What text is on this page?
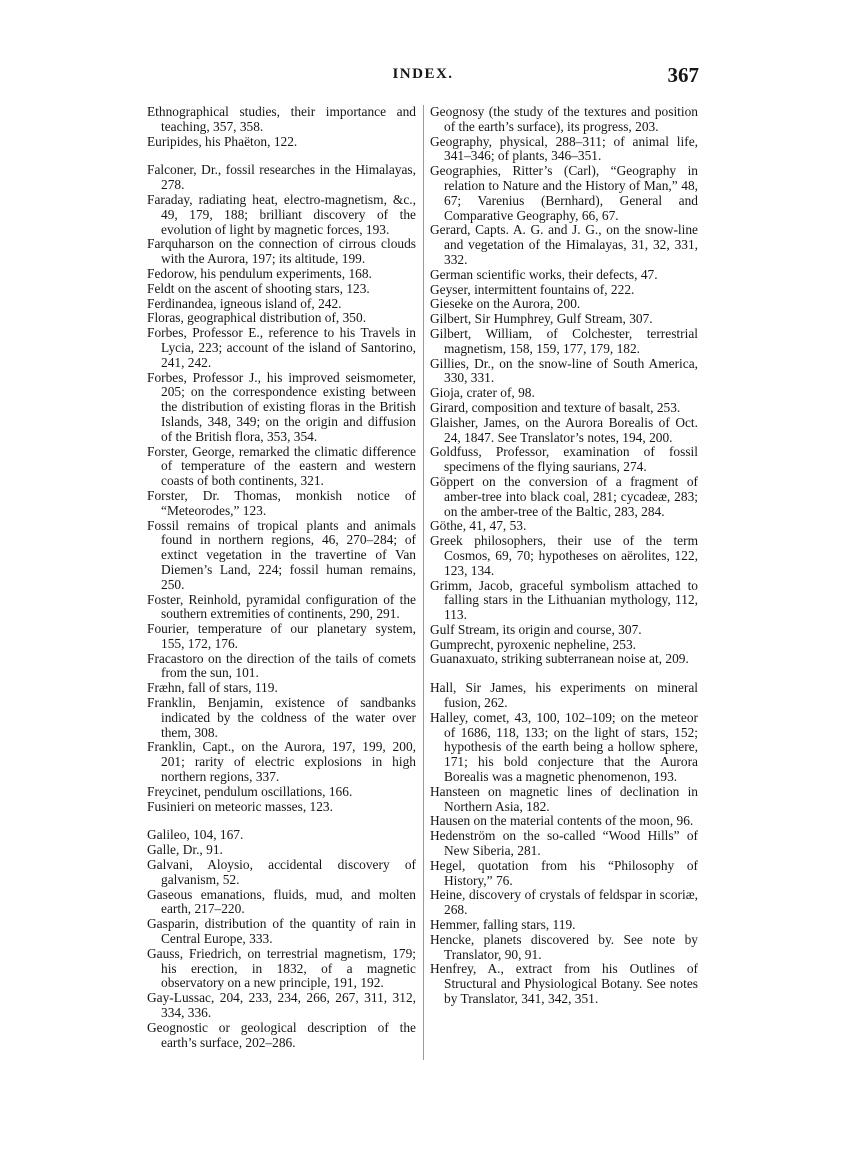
INDEX.	367

Ethnographical studies, their importance and teaching, 357, 358.

Euripides, his Phaëton, 122.

Falconer, Dr., fossil researches in the Himalayas, 278.

Faraday, radiating heat, electro-magnetism, &c., 49, 179, 188; brilliant discovery of the evolution of light by magnetic forces, 193.

Farquharson on the connection of cirrous clouds with the Aurora, 197; its altitude, 199.

Fedorow, his pendulum experiments, 168.

Feldt on the ascent of shooting stars, 123.

Ferdinandea, igneous island of, 242.

Floras, geographical distribution of, 350.

Forbes, Professor E., reference to his Travels in Lycia, 223; account of the island of Santorino, 241, 242.

Forbes, Professor J., his improved seismometer, 205; on the correspondence existing between the distribution of existing floras in the British Islands, 348, 349; on the origin and diffusion of the British flora, 353, 354.

Forster, George, remarked the climatic difference of temperature of the eastern and western coasts of both continents, 321.

Forster, Dr. Thomas, monkish notice of “Meteorodes,” 123.

Fossil remains of tropical plants and animals found in northern regions, 46, 270–284; of extinct vegetation in the travertine of Van Diemen’s Land, 224; fossil human remains, 250.

Foster, Reinhold, pyramidal configuration of the southern extremities of continents, 290, 291.

Fourier, temperature of our planetary system, 155, 172, 176.

Fracastoro on the direction of the tails of comets from the sun, 101.

Fræhn, fall of stars, 119.

Franklin, Benjamin, existence of sandbanks indicated by the coldness of the water over them, 308.

Franklin, Capt., on the Aurora, 197, 199, 200, 201; rarity of electric explosions in high northern regions, 337.

Freycinet, pendulum oscillations, 166.

Fusinieri on meteoric masses, 123.

Galileo, 104, 167.

Galle, Dr., 91.

Galvani, Aloysio, accidental discovery of galvanism, 52.

Gaseous emanations, fluids, mud, and molten earth, 217–220.

Gasparin, distribution of the quantity of rain in Central Europe, 333.

Gauss, Friedrich, on terrestrial magnetism, 179; his erection, in 1832, of a magnetic observatory on a new principle, 191, 192.

Gay-Lussac, 204, 233, 234, 266, 267, 311, 312, 334, 336.

Geognostic or geological description of the earth’s surface, 202–286.

Geognosy (the study of the textures and position of the earth’s surface), its progress, 203.

Geography, physical, 288–311; of animal life, 341–346; of plants, 346–351.

Geographies, Ritter’s (Carl), “Geography in relation to Nature and the History of Man,” 48, 67; Varenius (Bernhard), General and Comparative Geography, 66, 67.

Gerard, Capts. A. G. and J. G., on the snow-line and vegetation of the Himalayas, 31, 32, 331, 332.

German scientific works, their defects, 47.

Geyser, intermittent fountains of, 222.

Gieseke on the Aurora, 200.

Gilbert, Sir Humphrey, Gulf Stream, 307.

Gilbert, William, of Colchester, terrestrial magnetism, 158, 159, 177, 179, 182.

Gillies, Dr., on the snow-line of South America, 330, 331.

Gioja, crater of, 98.

Girard, composition and texture of basalt, 253.

Glaisher, James, on the Aurora Borealis of Oct. 24, 1847. See Translator’s notes, 194, 200.

Goldfuss, Professor, examination of fossil specimens of the flying saurians, 274.

Göppert on the conversion of a fragment of amber-tree into black coal, 281; cycadeæ, 283; on the amber-tree of the Baltic, 283, 284.

Göthe, 41, 47, 53.

Greek philosophers, their use of the term Cosmos, 69, 70; hypotheses on aërolites, 122, 123, 134.

Grimm, Jacob, graceful symbolism attached to falling stars in the Lithuanian mythology, 112, 113.

Gulf Stream, its origin and course, 307.

Gumprecht, pyroxenic nepheline, 253.

Guanaxuato, striking subterranean noise at, 209.

Hall, Sir James, his experiments on mineral fusion, 262.

Halley, comet, 43, 100, 102–109; on the meteor of 1686, 118, 133; on the light of stars, 152; hypothesis of the earth being a hollow sphere, 171; his bold conjecture that the Aurora Borealis was a magnetic phenomenon, 193.

Hansteen on magnetic lines of declination in Northern Asia, 182.

Hausen on the material contents of the moon, 96.

Hedenström on the so-called “Wood Hills” of New Siberia, 281.

Hegel, quotation from his “Philosophy of History,” 76.

Heine, discovery of crystals of feldspar in scoriæ, 268.

Hemmer, falling stars, 119.

Hencke, planets discovered by. See note by Translator, 90, 91.

Henfrey, A., extract from his Outlines of Structural and Physiological Botany. See notes by Translator, 341, 342, 351.
